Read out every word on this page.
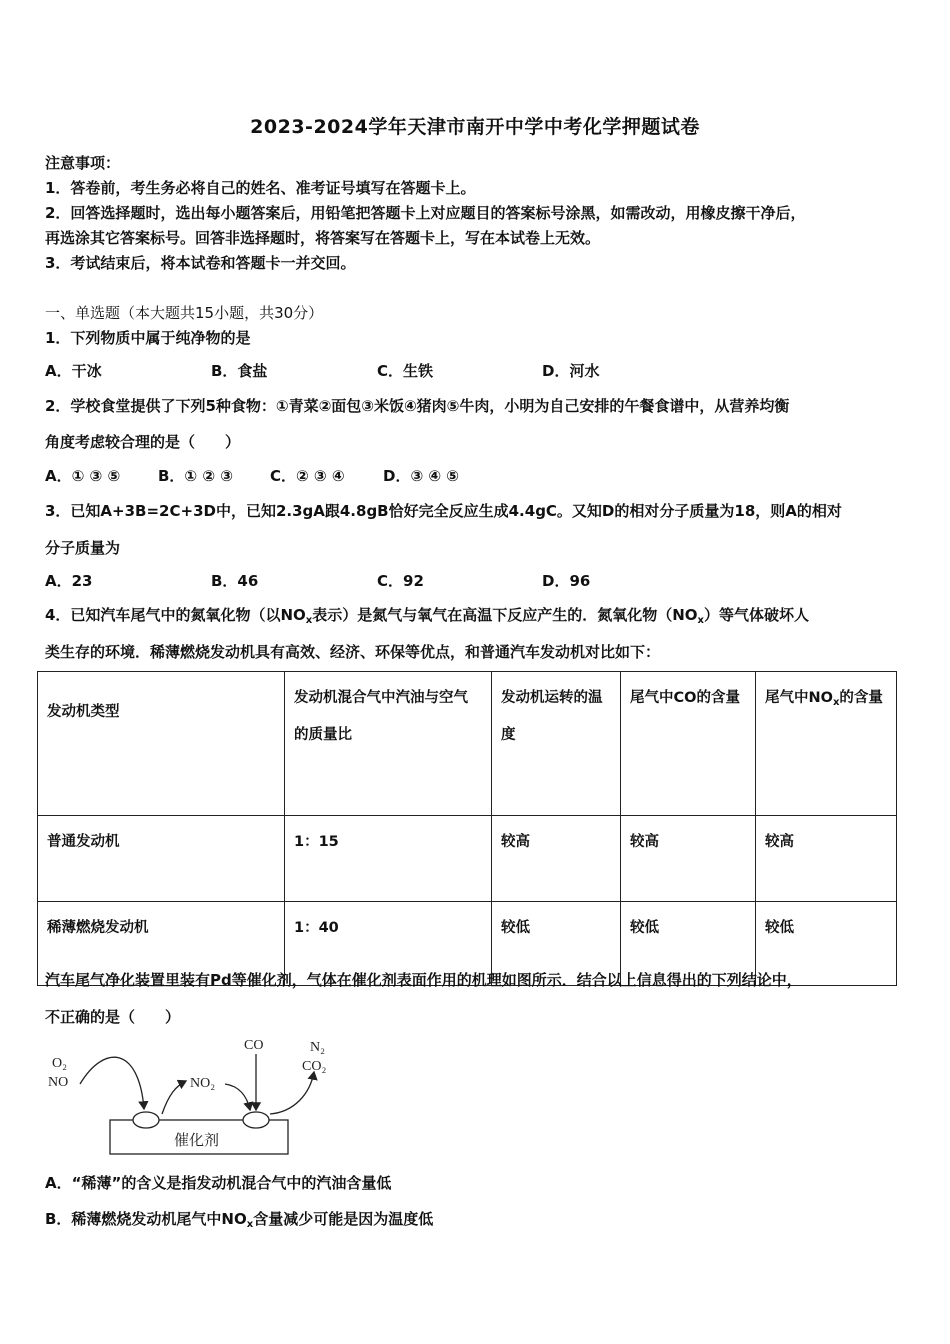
2023-2024学年天津市南开中学中考化学押题试卷
注意事项：
1．答卷前，考生务必将自己的姓名、准考证号填写在答题卡上。
2．回答选择题时，选出每小题答案后，用铅笔把答题卡上对应题目的答案标号涂黑，如需改动，用橡皮擦干净后，
再选涂其它答案标号。回答非选择题时，将答案写在答题卡上，写在本试卷上无效。
3．考试结束后，将本试卷和答题卡一并交回。
一、单选题（本大题共15小题，共30分）
1．下列物质中属于纯净物的是
A．干冰	B．食盐	C．生铁	D．河水
2．学校食堂提供了下列5种食物：①青菜②面包③米饭④猪肉⑤牛肉，小明为自己安排的午餐食谱中，从营养均衡
角度考虑较合理的是（　　）
A．① ③ ⑤	B．① ② ③ C．② ③ ④	D．③ ④ ⑤
3．已知A+3B=2C+3D中，已知2.3gA跟4.8gB恰好完全反应生成4.4gC。又知D的相对分子质量为18，则A的相对
分子质量为
A．23	B．46	C．92	D．96
4．已知汽车尾气中的氮氧化物（以$NO_x$表示）是氮气与氧气在高温下反应产生的．氮氧化物$(NO_x)$等气体破坏人
类生存的环境．稀薄燃烧发动机具有高效、经济、环保等优点，和普通汽车发动机对比如下：
发动机类型	发动机混合气中汽油与空气的质量比	发动机运转的温度	尾气中CO的含量	尾气中$NO_x$的含量
普通发动机	1：15	较高	较高	较高
稀薄燃烧发动机	1：40	较低	较低	较低
汽车尾气净化装置里装有Pd等催化剂，气体在催化剂表面作用的机理如图所示．结合以上信息得出的下列结论中，
不正确的是（　　）
O₂
NO	NO₂
CO	N₂
CO₂
催化剂
A．“稀薄”的含义是指发动机混合气中的汽油含量低
B．稀薄燃烧发动机尾气中$NO_x$含量减少可能是因为温度低
